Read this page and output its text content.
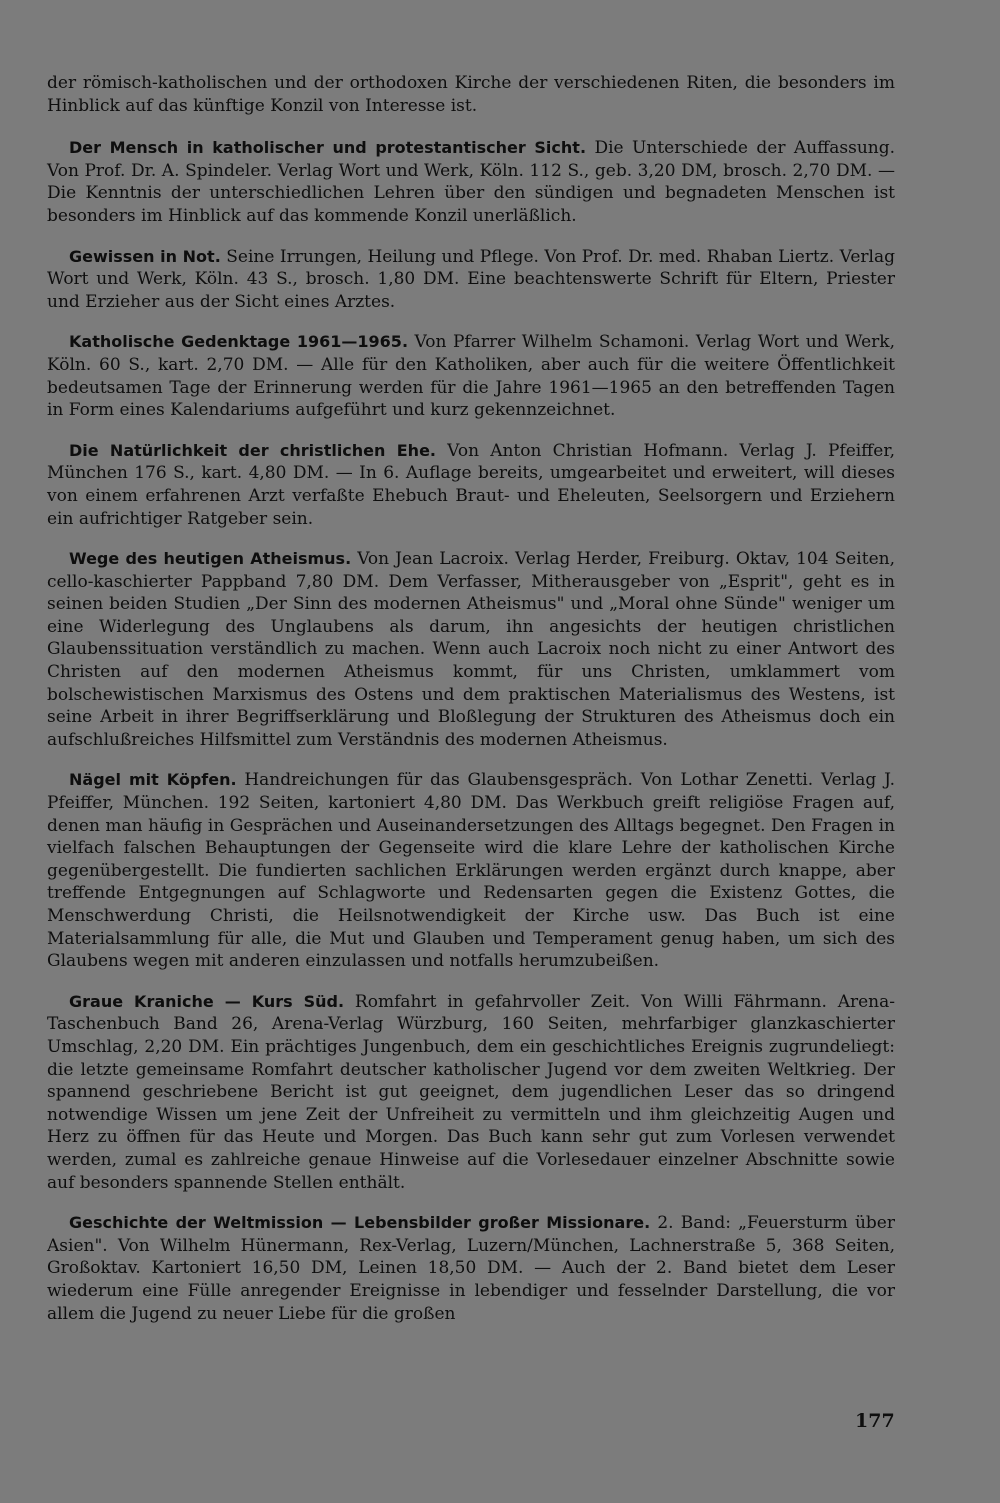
der römisch-katholischen und der orthodoxen Kirche der verschiedenen Riten, die besonders im Hinblick auf das künftige Konzil von Interesse ist.

Der Mensch in katholischer und protestantischer Sicht. Die Unterschiede der Auffassung. Von Prof. Dr. A. Spindeler. Verlag Wort und Werk, Köln. 112 S., geb. 3,20 DM, brosch. 2,70 DM. — Die Kenntnis der unterschiedlichen Lehren über den sündigen und begnadeten Menschen ist besonders im Hinblick auf das kommende Konzil unerläßlich.

Gewissen in Not. Seine Irrungen, Heilung und Pflege. Von Prof. Dr. med. Rhaban Liertz. Verlag Wort und Werk, Köln. 43 S., brosch. 1,80 DM. Eine beachtenswerte Schrift für Eltern, Priester und Erzieher aus der Sicht eines Arztes.

Katholische Gedenktage 1961—1965. Von Pfarrer Wilhelm Schamoni. Verlag Wort und Werk, Köln. 60 S., kart. 2,70 DM. — Alle für den Katholiken, aber auch für die weitere Öffentlichkeit bedeutsamen Tage der Erinnerung werden für die Jahre 1961—1965 an den betreffenden Tagen in Form eines Kalendariums aufgeführt und kurz gekennzeichnet.

Die Natürlichkeit der christlichen Ehe. Von Anton Christian Hofmann. Verlag J. Pfeiffer, München 176 S., kart. 4,80 DM. — In 6. Auflage bereits, umgearbeitet und erweitert, will dieses von einem erfahrenen Arzt verfaßte Ehebuch Braut- und Eheleuten, Seelsorgern und Erziehern ein aufrichtiger Ratgeber sein.

Wege des heutigen Atheismus. Von Jean Lacroix. Verlag Herder, Freiburg. Oktav, 104 Seiten, cello-kaschierter Pappband 7,80 DM. Dem Verfasser, Mitherausgeber von „Esprit", geht es in seinen beiden Studien „Der Sinn des modernen Atheismus" und „Moral ohne Sünde" weniger um eine Widerlegung des Unglaubens als darum, ihn angesichts der heutigen christlichen Glaubenssituation verständlich zu machen. Wenn auch Lacroix noch nicht zu einer Antwort des Christen auf den modernen Atheismus kommt, für uns Christen, umklammert vom bolschewistischen Marxismus des Ostens und dem praktischen Materialismus des Westens, ist seine Arbeit in ihrer Begriffserklärung und Bloßlegung der Strukturen des Atheismus doch ein aufschlußreiches Hilfsmittel zum Verständnis des modernen Atheismus.

Nägel mit Köpfen. Handreichungen für das Glaubensgespräch. Von Lothar Zenetti. Verlag J. Pfeiffer, München. 192 Seiten, kartoniert 4,80 DM. Das Werkbuch greift religiöse Fragen auf, denen man häufig in Gesprächen und Auseinandersetzungen des Alltags begegnet. Den Fragen in vielfach falschen Behauptungen der Gegenseite wird die klare Lehre der katholischen Kirche gegenübergestellt. Die fundierten sachlichen Erklärungen werden ergänzt durch knappe, aber treffende Entgegnungen auf Schlagworte und Redensarten gegen die Existenz Gottes, die Menschwerdung Christi, die Heilsnotwendigkeit der Kirche usw. Das Buch ist eine Materialsammlung für alle, die Mut und Glauben und Temperament genug haben, um sich des Glaubens wegen mit anderen einzulassen und notfalls herumzubeißen.

Graue Kraniche — Kurs Süd. Romfahrt in gefahrvoller Zeit. Von Willi Fährmann. Arena-Taschenbuch Band 26, Arena-Verlag Würzburg, 160 Seiten, mehrfarbiger glanzkaschierter Umschlag, 2,20 DM. Ein prächtiges Jungenbuch, dem ein geschichtliches Ereignis zugrundeliegt: die letzte gemeinsame Romfahrt deutscher katholischer Jugend vor dem zweiten Weltkrieg. Der spannend geschriebene Bericht ist gut geeignet, dem jugendlichen Leser das so dringend notwendige Wissen um jene Zeit der Unfreiheit zu vermitteln und ihm gleichzeitig Augen und Herz zu öffnen für das Heute und Morgen. Das Buch kann sehr gut zum Vorlesen verwendet werden, zumal es zahlreiche genaue Hinweise auf die Vorlesedauer einzelner Abschnitte sowie auf besonders spannende Stellen enthält.

Geschichte der Weltmission — Lebensbilder großer Missionare. 2. Band: „Feuersturm über Asien". Von Wilhelm Hünermann, Rex-Verlag, Luzern/München, Lachnerstraße 5, 368 Seiten, Großoktav. Kartoniert 16,50 DM, Leinen 18,50 DM. — Auch der 2. Band bietet dem Leser wiederum eine Fülle anregender Ereignisse in lebendiger und fesselnder Darstellung, die vor allem die Jugend zu neuer Liebe für die großen

177
